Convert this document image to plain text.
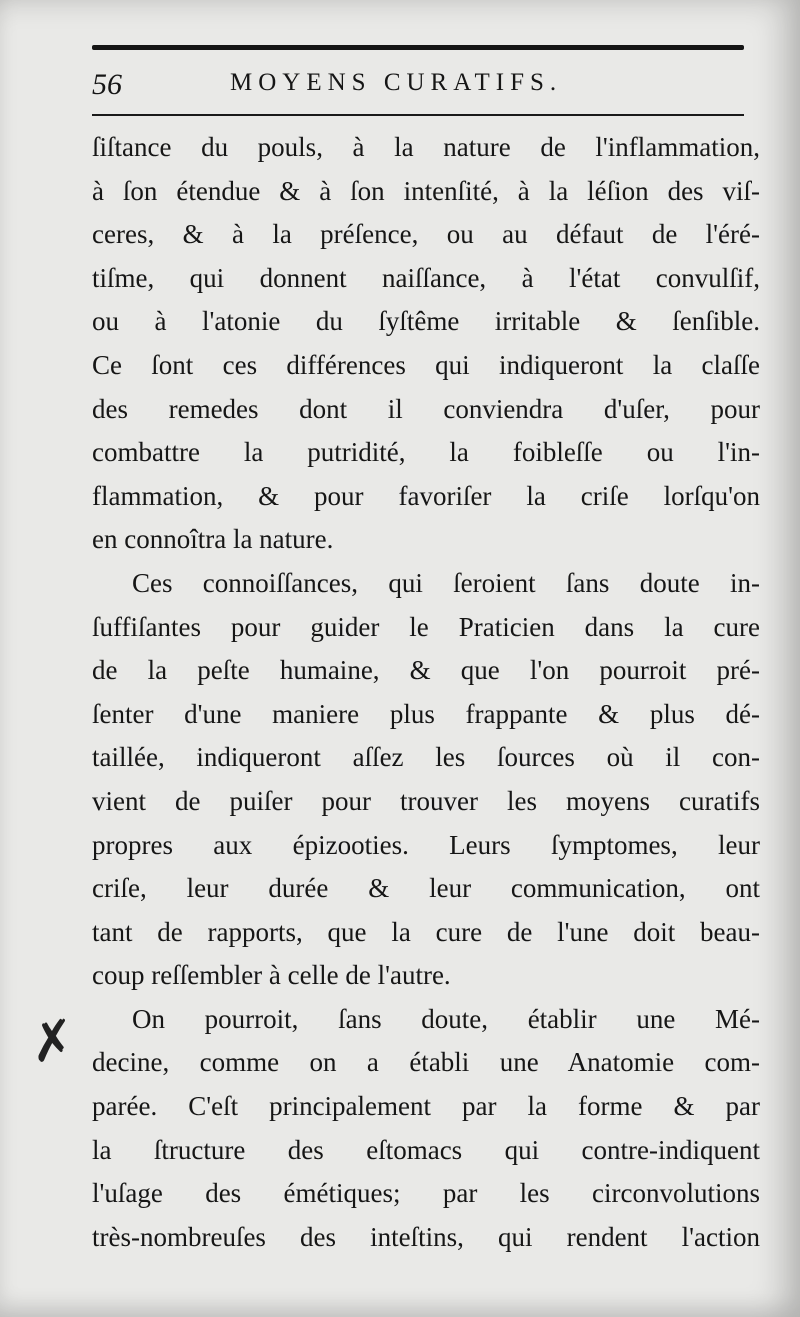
56	MOYENS CURATIFS.
ſiſtance du pouls, à la nature de l'inflammation,
à ſon étendue & à ſon intenſité, à la léſion des viſ-
ceres, & à la préſence, ou au défaut de l'éré-
tiſme, qui donnent naiſſance, à l'état convulſif,
ou à l'atonie du ſyſtême irritable & ſenſible.
Ce ſont ces différences qui indiqueront la claſſe
des remedes dont il conviendra d'uſer, pour
combattre la putridité, la foibleſſe ou l'in-
flammation, & pour favoriſer la criſe lorſqu'on
en connoîtra la nature.
Ces connoiſſances, qui ſeroient ſans doute in-
ſuffiſantes pour guider le Praticien dans la cure
de la peſte humaine, & que l'on pourroit pré-
ſenter d'une maniere plus frappante & plus dé-
taillée, indiqueront aſſez les ſources où il con-
vient de puiſer pour trouver les moyens curatifs
propres aux épizooties. Leurs ſymptomes, leur
criſe, leur durée & leur communication, ont
tant de rapports, que la cure de l'une doit beau-
coup reſſembler à celle de l'autre.
On pourroit, ſans doute, établir une Mé-
decine, comme on a établi une Anatomie com-
parée. C'eſt principalement par la forme & par
la ſtructure des eſtomacs qui contre-indiquent
l'uſage des émétiques; par les circonvolutions
très-nombreuſes des inteſtins, qui rendent l'action
✗
